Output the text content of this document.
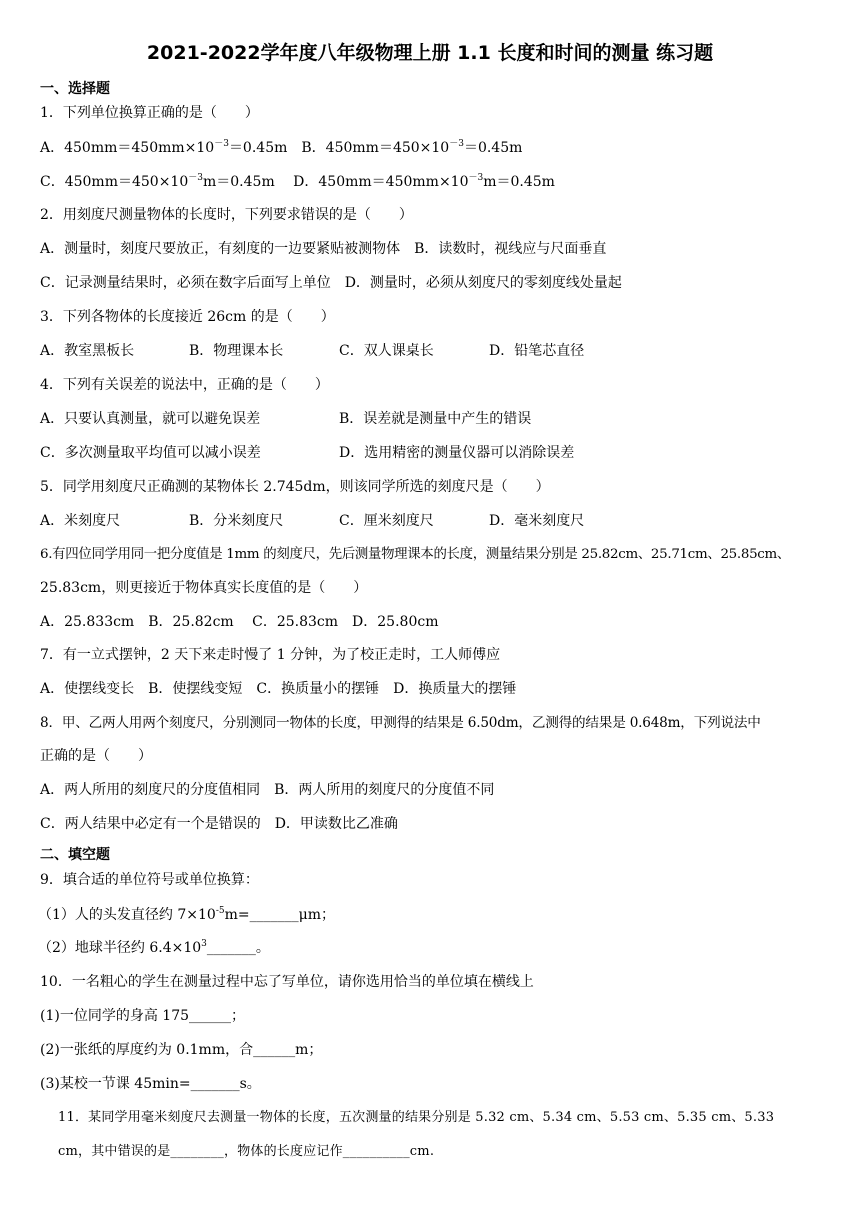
2021-2022学年度八年级物理上册 1.1 长度和时间的测量 练习题
一、选择题
1．下列单位换算正确的是（　　）
A．$450mm=450mm\times 10^{-3}=0.45m$　B．$450mm=450\times 10^{-3}=0.45m$
C．$450mm=450\times 10^{-3}m=0.45m$　 D．$450mm=450mm\times 10^{-3}m=0.45m$
2．用刻度尺测量物体的长度时，下列要求错误的是（　　）
A．测量时，刻度尺要放正，有刻度的一边要紧贴被测物体　B．读数时，视线应与尺面垂直
C．记录测量结果时，必须在数字后面写上单位　D．测量时，必须从刻度尺的零刻度线处量起
3．下列各物体的长度接近 26cm 的是（　　）
A．教室黑板长	B．物理课本长	C．双人课桌长	D．铅笔芯直径
4．下列有关误差的说法中，正确的是（　　）
A．只要认真测量，就可以避免误差	B．误差就是测量中产生的错误
C．多次测量取平均值可以减小误差	D．选用精密的测量仪器可以消除误差
5．同学用刻度尺正确测的某物体长 2.745dm，则该同学所选的刻度尺是（　　）
A．米刻度尺	B．分米刻度尺	C．厘米刻度尺	D．毫米刻度尺
6.有四位同学用同一把分度值是 1mm 的刻度尺，先后测量物理课本的长度，测量结果分别是 25.82cm、25.71cm、25.85cm、
25.83cm，则更接近于物体真实长度值的是（　　）
A．25.833cm　B．25.82cm　 C．25.83cm　D．25.80cm
7．有一立式摆钟，2 天下来走时慢了 1 分钟，为了校正走时，工人师傅应
A．使摆线变长　B．使摆线变短　C．换质量小的摆锤　D．换质量大的摆锤
8．甲、乙两人用两个刻度尺，分别测同一物体的长度，甲测得的结果是 6.50dm，乙测得的结果是 0.648m，下列说法中
正确的是（　　）
A．两人所用的刻度尺的分度值相同　B．两人所用的刻度尺的分度值不同
C．两人结果中必定有一个是错误的　D．甲读数比乙准确
二、填空题
9．填合适的单位符号或单位换算：
（1）人的头发直径约 $7\times 10^{-5}m=\_\_\_\_\_\_\_\mu m$；
（2）地球半径约 $6.4\times 10^3\_\_\_\_\_\_\_$。
10．一名粗心的学生在测量过程中忘了写单位，请你选用恰当的单位填在横线上
(1)一位同学的身高 175______；
(2)一张纸的厚度约为 0.1mm，合______m；
(3)某校一节课 45min=_______s。
11．某同学用毫米刻度尺去测量一物体的长度，五次测量的结果分别是 5.32 cm、5.34 cm、5.53 cm、5.35 cm、5.33
cm，其中错误的是________，物体的长度应记作__________cm.
